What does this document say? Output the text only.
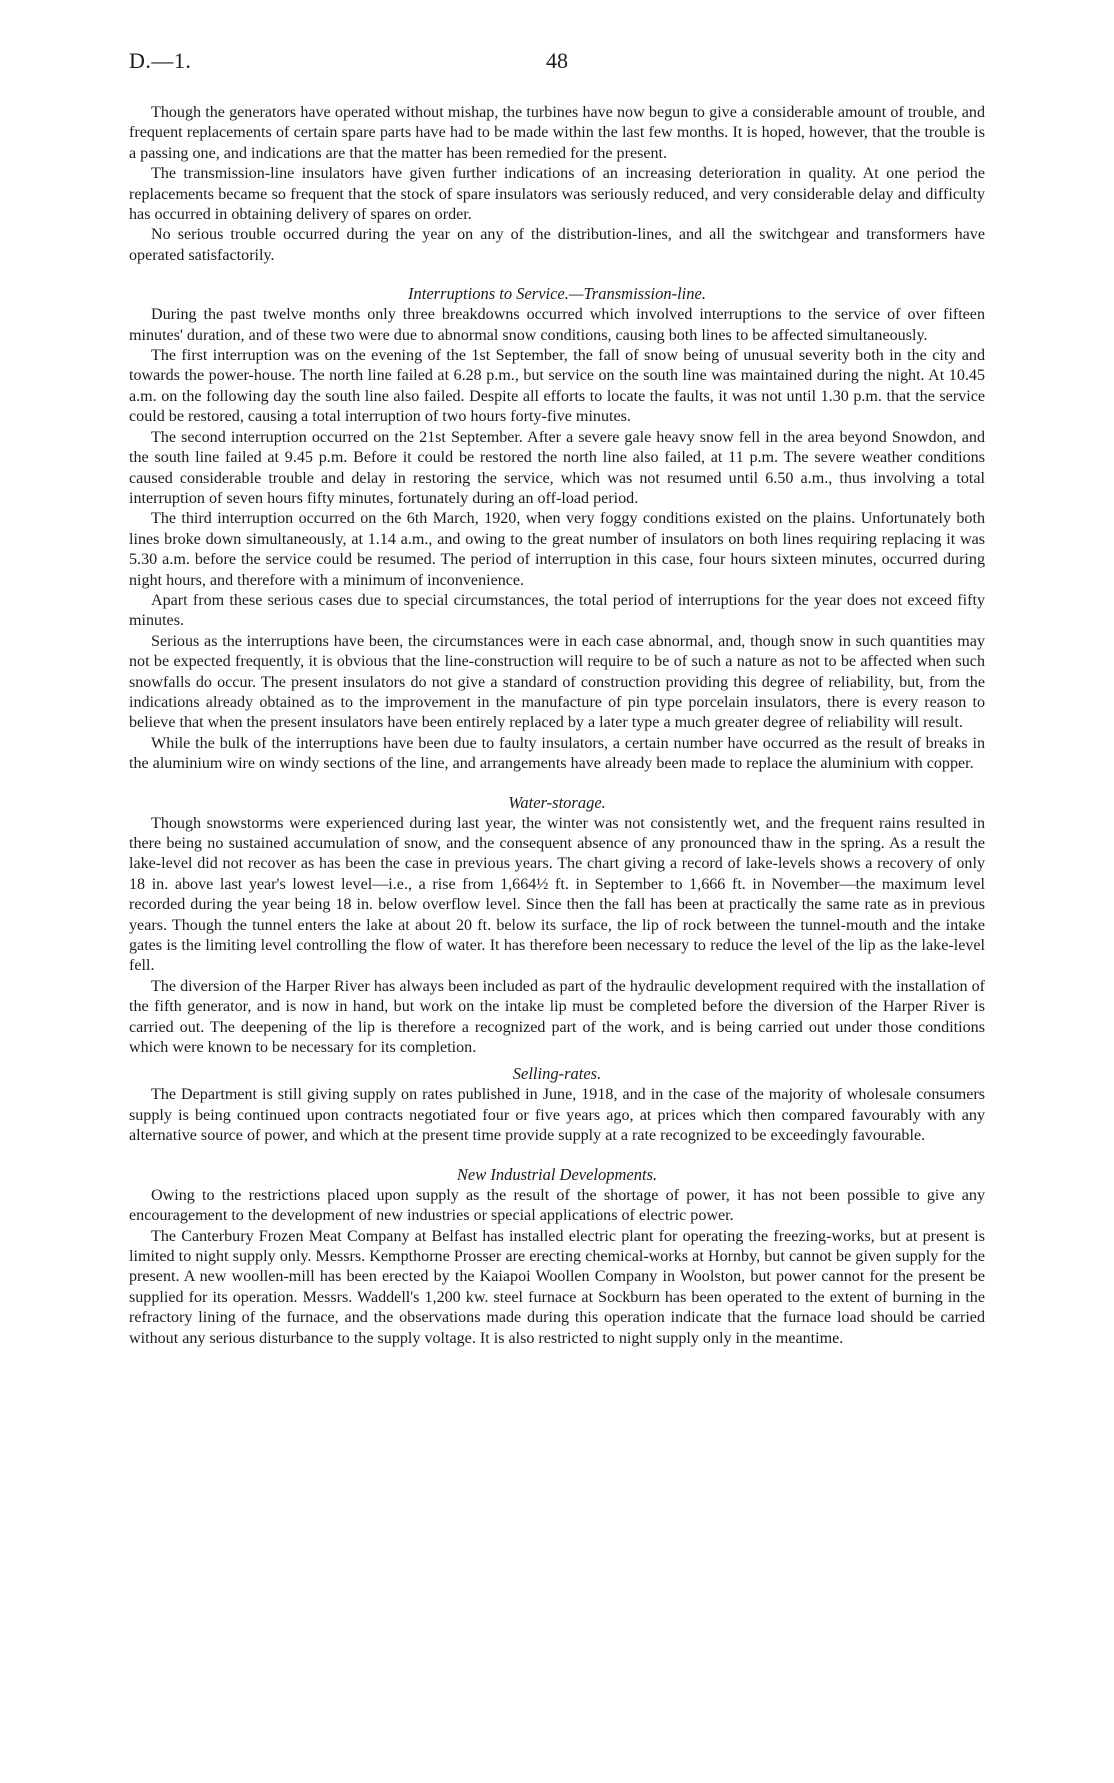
D.—1.	48

Though the generators have operated without mishap, the turbines have now begun to give a considerable amount of trouble, and frequent replacements of certain spare parts have had to be made within the last few months. It is hoped, however, that the trouble is a passing one, and indications are that the matter has been remedied for the present.

The transmission-line insulators have given further indications of an increasing deterioration in quality. At one period the replacements became so frequent that the stock of spare insulators was seriously reduced, and very considerable delay and difficulty has occurred in obtaining delivery of spares on order.

No serious trouble occurred during the year on any of the distribution-lines, and all the switchgear and transformers have operated satisfactorily.

Interruptions to Service.—Transmission-line.

During the past twelve months only three breakdowns occurred which involved interruptions to the service of over fifteen minutes' duration, and of these two were due to abnormal snow conditions, causing both lines to be affected simultaneously.

The first interruption was on the evening of the 1st September, the fall of snow being of unusual severity both in the city and towards the power-house. The north line failed at 6.28 p.m., but service on the south line was maintained during the night. At 10.45 a.m. on the following day the south line also failed. Despite all efforts to locate the faults, it was not until 1.30 p.m. that the service could be restored, causing a total interruption of two hours forty-five minutes.

The second interruption occurred on the 21st September. After a severe gale heavy snow fell in the area beyond Snowdon, and the south line failed at 9.45 p.m. Before it could be restored the north line also failed, at 11 p.m. The severe weather conditions caused considerable trouble and delay in restoring the service, which was not resumed until 6.50 a.m., thus involving a total interruption of seven hours fifty minutes, fortunately during an off-load period.

The third interruption occurred on the 6th March, 1920, when very foggy conditions existed on the plains. Unfortunately both lines broke down simultaneously, at 1.14 a.m., and owing to the great number of insulators on both lines requiring replacing it was 5.30 a.m. before the service could be resumed. The period of interruption in this case, four hours sixteen minutes, occurred during night hours, and therefore with a minimum of inconvenience.

Apart from these serious cases due to special circumstances, the total period of interruptions for the year does not exceed fifty minutes.

Serious as the interruptions have been, the circumstances were in each case abnormal, and, though snow in such quantities may not be expected frequently, it is obvious that the line-construction will require to be of such a nature as not to be affected when such snowfalls do occur. The present insulators do not give a standard of construction providing this degree of reliability, but, from the indications already obtained as to the improvement in the manufacture of pin type porcelain insulators, there is every reason to believe that when the present insulators have been entirely replaced by a later type a much greater degree of reliability will result.

While the bulk of the interruptions have been due to faulty insulators, a certain number have occurred as the result of breaks in the aluminium wire on windy sections of the line, and arrangements have already been made to replace the aluminium with copper.

Water-storage.

Though snowstorms were experienced during last year, the winter was not consistently wet, and the frequent rains resulted in there being no sustained accumulation of snow, and the consequent absence of any pronounced thaw in the spring. As a result the lake-level did not recover as has been the case in previous years. The chart giving a record of lake-levels shows a recovery of only 18 in. above last year's lowest level—i.e., a rise from 1,664½ ft. in September to 1,666 ft. in November—the maximum level recorded during the year being 18 in. below overflow level. Since then the fall has been at practically the same rate as in previous years. Though the tunnel enters the lake at about 20 ft. below its surface, the lip of rock between the tunnel-mouth and the intake gates is the limiting level controlling the flow of water. It has therefore been necessary to reduce the level of the lip as the lake-level fell.

The diversion of the Harper River has always been included as part of the hydraulic development required with the installation of the fifth generator, and is now in hand, but work on the intake lip must be completed before the diversion of the Harper River is carried out. The deepening of the lip is therefore a recognized part of the work, and is being carried out under those conditions which were known to be necessary for its completion.

Selling-rates.

The Department is still giving supply on rates published in June, 1918, and in the case of the majority of wholesale consumers supply is being continued upon contracts negotiated four or five years ago, at prices which then compared favourably with any alternative source of power, and which at the present time provide supply at a rate recognized to be exceedingly favourable.

New Industrial Developments.

Owing to the restrictions placed upon supply as the result of the shortage of power, it has not been possible to give any encouragement to the development of new industries or special applications of electric power.

The Canterbury Frozen Meat Company at Belfast has installed electric plant for operating the freezing-works, but at present is limited to night supply only. Messrs. Kempthorne Prosser are erecting chemical-works at Hornby, but cannot be given supply for the present. A new woollen-mill has been erected by the Kaiapoi Woollen Company in Woolston, but power cannot for the present be supplied for its operation. Messrs. Waddell's 1,200 kw. steel furnace at Sockburn has been operated to the extent of burning in the refractory lining of the furnace, and the observations made during this operation indicate that the furnace load should be carried without any serious disturbance to the supply voltage. It is also restricted to night supply only in the meantime.
